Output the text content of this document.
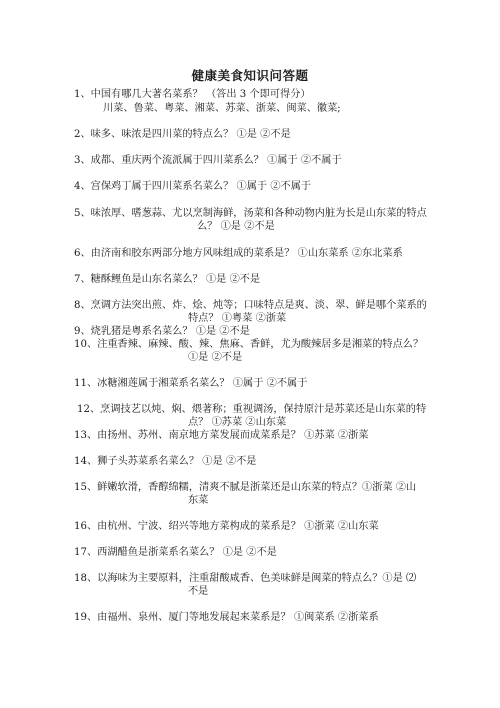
健康美食知识问答题
1、中国有哪几大著名菜系？ （答出 3 个即可得分）
川菜、鲁菜、粤菜、湘菜、苏菜、浙菜、闽菜、徽菜;
2、味多、味浓是四川菜的特点么？ ①是 ②不是
3、成都、重庆两个流派属于四川菜系么？ ①属于 ②不属于
4、宫保鸡丁属于四川菜系名菜么？ ①属于 ②不属于
5、味浓厚、嗜葱蒜、尤以烹制海鲜，汤菜和各种动物内脏为长是山东菜的特点
么？ ①是 ②不是
6、由济南和胶东两部分地方风味组成的菜系是？ ①山东菜系 ②东北菜系
7、糖酥鲤鱼是山东名菜么？ ①是 ②不是
8、烹调方法突出煎、炸、烩、炖等；口味特点是爽、淡、翠、鲜是哪个菜系的
特点？ ①粤菜 ②浙菜
9、烧乳猪是粤系名菜么？ ①是 ②不是
10、注重香辣、麻辣、酸、辣、焦麻、香鲜，尤为酸辣居多是湘菜的特点么？
①是 ②不是
11、冰糖湘莲属于湘菜系名菜么？ ①属于 ②不属于
12、烹调技艺以炖、焖、煨著称；重视调汤，保持原汁是苏菜还是山东菜的特
点？ ①苏菜 ②山东菜
13、由扬州、苏州、南京地方菜发展而成菜系是？ ①苏菜 ②浙菜
14、狮子头苏菜系名菜么？ ①是 ②不是
15、鲜嫩软滑，香醇绵糯，清爽不腻是浙菜还是山东菜的特点？①浙菜 ②山
东菜
16、由杭州、宁波、绍兴等地方菜构成的菜系是？ ①浙菜 ②山东菜
17、西湖醋鱼是浙菜系名菜么？ ①是 ②不是
18、以海味为主要原料，注重甜酸咸香、色美味鲜是闽菜的特点么？①是 ⑵
不是
19、由福州、泉州、厦门等地发展起来菜系是？ ①闽菜系 ②浙菜系
